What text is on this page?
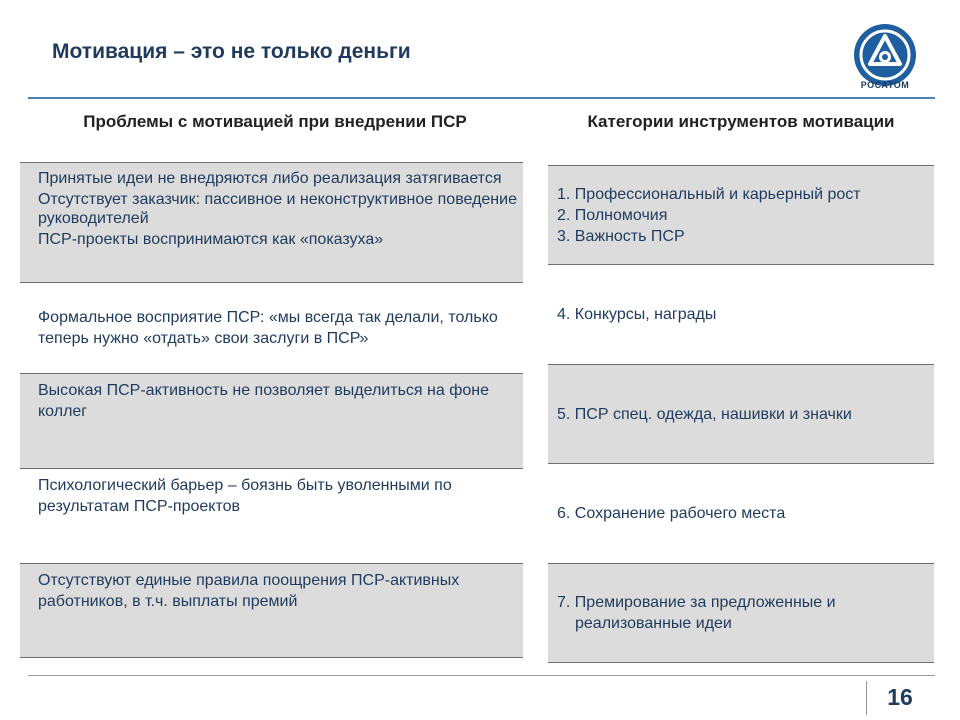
Мотивация – это не только деньги
РОСАТОМ
Проблемы с мотивацией при внедрении ПСР	Категории инструментов мотивации

Принятые идеи не внедряются либо реализация затягивается

Отсутствует заказчик: пассивное и неконструктивное поведение руководителей

ПСР-проекты воспринимаются как «показуха»

Формальное восприятие ПСР: «мы всегда так делали, только теперь нужно «отдать» свои заслуги в ПСР»

Высокая ПСР-активность не позволяет выделиться на фоне коллег

Психологический барьер – боязнь быть уволенными по результатам ПСР-проектов

Отсутствуют единые правила поощрения ПСР-активных работников, в т.ч. выплаты премий

1. Профессиональный и карьерный рост

2. Полномочия

3. Важность ПСР

4. Конкурсы, награды

5. ПСР спец. одежда, нашивки и значки

6. Сохранение рабочего места

7. Премирование за предложенные и

реализованные идеи

16
